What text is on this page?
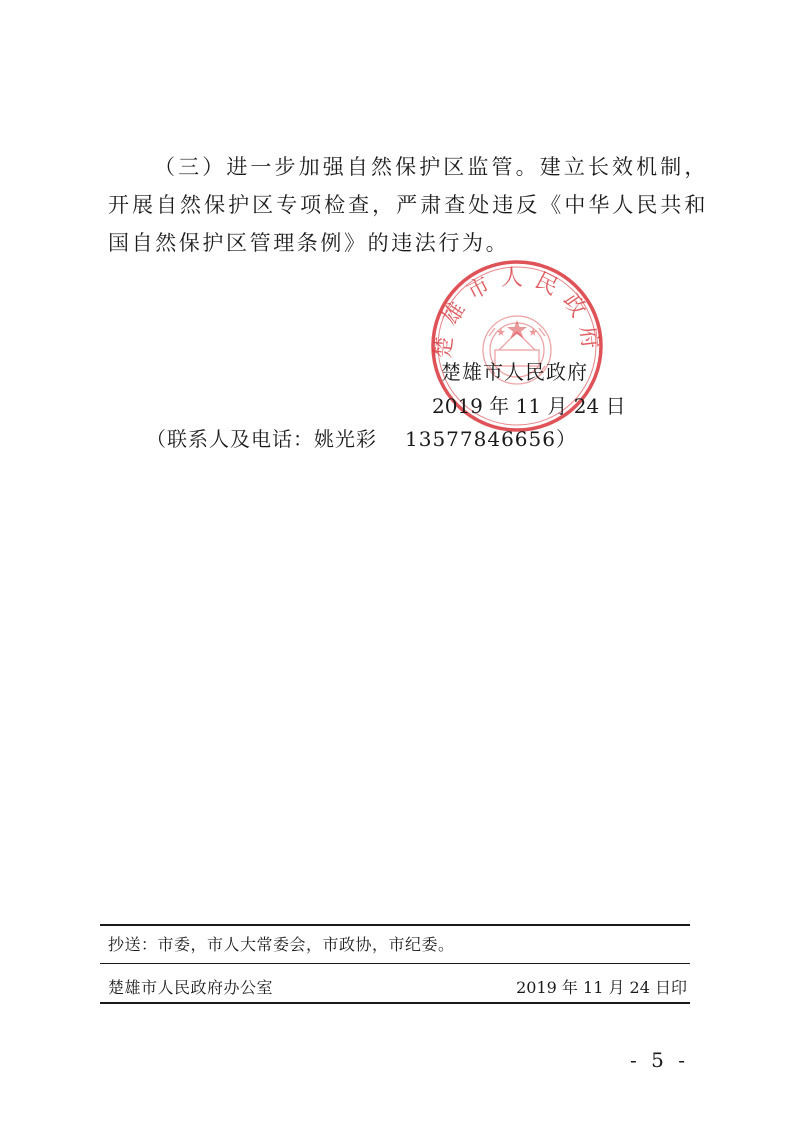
（三）进一步加强自然保护区监管。建立长效机制，开展自然保护区专项检查，严肃查处违反《中华人民共和国自然保护区管理条例》的违法行为。
楚雄市人民政府
楚雄市人民政府
2019 年 11 月 24 日
（联系人及电话：姚光彩 13577846656）
抄送：市委，市人大常委会，市政协，市纪委。
楚雄市人民政府办公室	2019 年 11 月 24 日印
- 5 -
